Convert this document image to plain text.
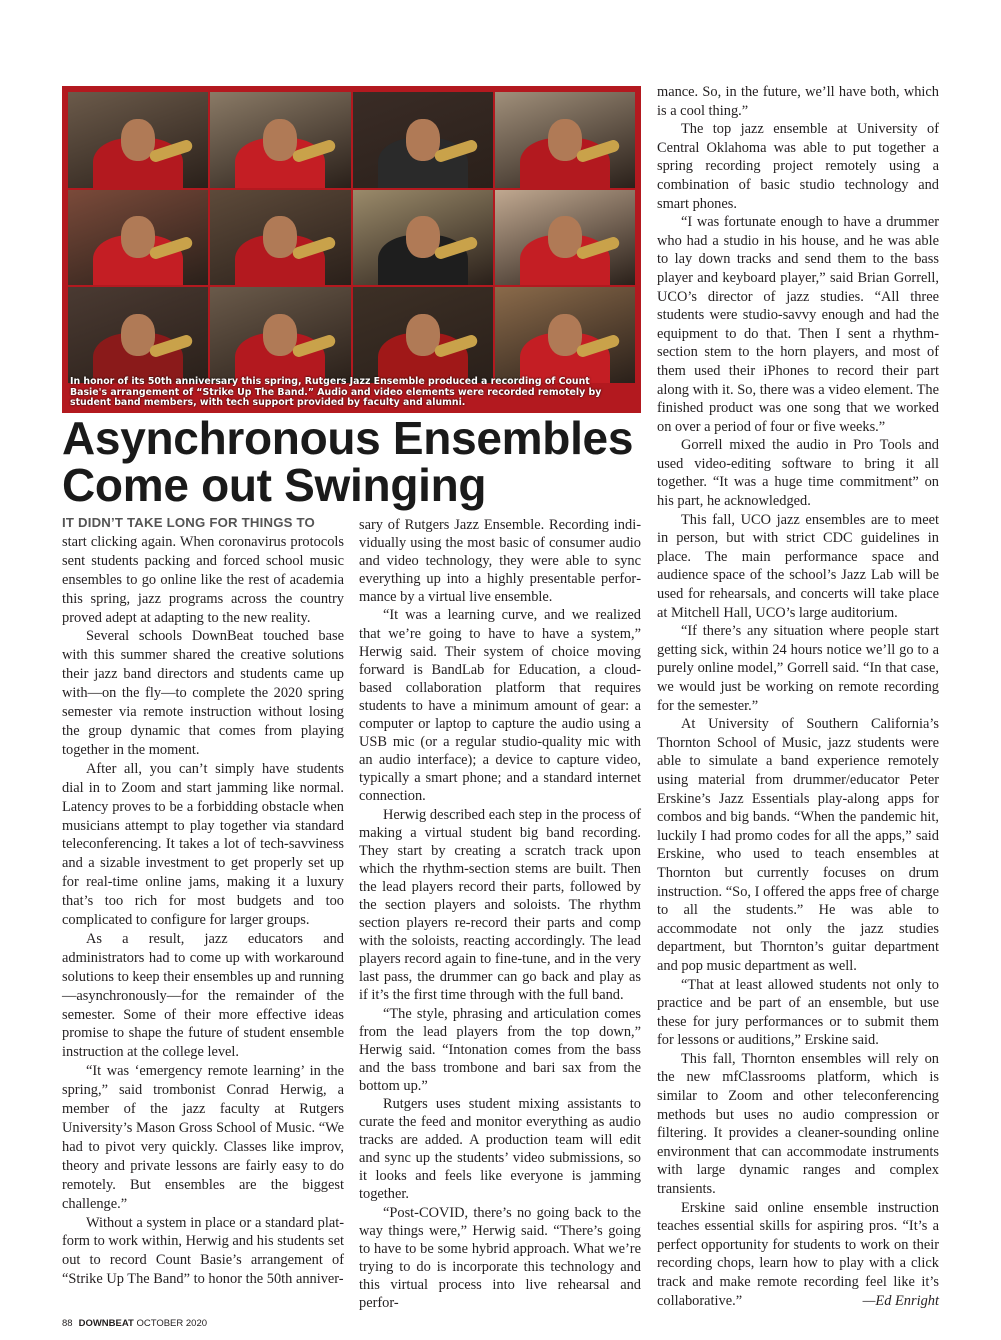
In honor of its 50th anniversary this spring, Rutgers Jazz Ensemble produced a recording of Count Basie's arrangement of “Strike Up The Band.” Audio and video elements were recorded remotely by student band members, with tech support provided by faculty and alumni.
Asynchronous Ensembles
Come out Swinging

IT DIDN’T TAKE LONG FOR THINGS TO
start clicking again. When coronavirus protocols sent students packing and forced school music ensembles to go online like the rest of academia this spring, jazz programs across the country proved adept at adapting to the new reality.

Several schools DownBeat touched base with this summer shared the creative solutions their jazz band directors and students came up with—on the fly—to complete the 2020 spring semester via remote instruction without losing the group dynamic that comes from playing together in the moment.

After all, you can’t simply have students dial in to Zoom and start jamming like normal. Latency proves to be a forbidding obstacle when musicians attempt to play together via standard teleconferencing. It takes a lot of tech-savviness and a sizable investment to get properly set up for real-time online jams, making it a luxury that’s too rich for most budgets and too complicated to configure for larger groups.

As a result, jazz educators and administrators had to come up with workaround solutions to keep their ensembles up and running—asynchronously—for the remainder of the semester. Some of their more effective ideas promise to shape the future of student ensemble instruction at the college level.

“It was ‘emergency remote learning’ in the spring,” said trombonist Conrad Herwig, a member of the jazz faculty at Rutgers University’s Mason Gross School of Music. “We had to pivot very quickly. Classes like improv, theory and private lessons are fairly easy to do remotely. But ensembles are the biggest challenge.”

Without a system in place or a standard platform to work within, Herwig and his students set out to record Count Basie’s arrangement of “Strike Up The Band” to honor the 50th anniver-

sary of Rutgers Jazz Ensemble. Recording individually using the most basic of consumer audio and video technology, they were able to sync everything up into a highly presentable performance by a virtual live ensemble.

“It was a learning curve, and we realized that we’re going to have to have a system,” Herwig said. Their system of choice moving forward is BandLab for Education, a cloud-based collaboration platform that requires students to have a minimum amount of gear: a computer or laptop to capture the audio using a USB mic (or a regular studio-quality mic with an audio interface); a device to capture video, typically a smart phone; and a standard internet connection.

Herwig described each step in the process of making a virtual student big band recording. They start by creating a scratch track upon which the rhythm-section stems are built. Then the lead players record their parts, followed by the section players and soloists. The rhythm section players re-record their parts and comp with the soloists, reacting accordingly. The lead players record again to fine-tune, and in the very last pass, the drummer can go back and play as if it’s the first time through with the full band.

“The style, phrasing and articulation comes from the lead players from the top down,” Herwig said. “Intonation comes from the bass and the bass trombone and bari sax from the bottom up.”

Rutgers uses student mixing assistants to curate the feed and monitor everything as audio tracks are added. A production team will edit and sync up the students’ video submissions, so it looks and feels like everyone is jamming together.

“Post-COVID, there’s no going back to the way things were,” Herwig said. “There’s going to have to be some hybrid approach. What we’re trying to do is incorporate this technology and this virtual process into live rehearsal and perfor-

mance. So, in the future, we’ll have both, which is a cool thing.”

The top jazz ensemble at University of Central Oklahoma was able to put together a spring recording project remotely using a combination of basic studio technology and smart phones.

“I was fortunate enough to have a drummer who had a studio in his house, and he was able to lay down tracks and send them to the bass player and keyboard player,” said Brian Gorrell, UCO’s director of jazz studies. “All three students were studio-savvy enough and had the equipment to do that. Then I sent a rhythm-section stem to the horn players, and most of them used their iPhones to record their part along with it. So, there was a video element. The finished product was one song that we worked on over a period of four or five weeks.”

Gorrell mixed the audio in Pro Tools and used video-editing software to bring it all together. “It was a huge time commitment” on his part, he acknowledged.

This fall, UCO jazz ensembles are to meet in person, but with strict CDC guidelines in place. The main performance space and audience space of the school’s Jazz Lab will be used for rehearsals, and concerts will take place at Mitchell Hall, UCO’s large auditorium.

“If there’s any situation where people start getting sick, within 24 hours notice we’ll go to a purely online model,” Gorrell said. “In that case, we would just be working on remote recording for the semester.”

At University of Southern California’s Thornton School of Music, jazz students were able to simulate a band experience remotely using material from drummer/educator Peter Erskine’s Jazz Essentials play-along apps for combos and big bands. “When the pandemic hit, luckily I had promo codes for all the apps,” said Erskine, who used to teach ensembles at Thornton but currently focuses on drum instruction. “So, I offered the apps free of charge to all the students.” He was able to accommodate not only the jazz studies department, but Thornton’s guitar department and pop music department as well.

“That at least allowed students not only to practice and be part of an ensemble, but use these for jury performances or to submit them for lessons or auditions,” Erskine said.

This fall, Thornton ensembles will rely on the new mfClassrooms platform, which is similar to Zoom and other teleconferencing methods but uses no audio compression or filtering. It provides a cleaner-sounding online environment that can accommodate instruments with large dynamic ranges and complex transients.

Erskine said online ensemble instruction teaches essential skills for aspiring pros. “It’s a perfect opportunity for students to work on their recording chops, learn how to play with a click track and make remote recording feel like it’s collaborative.”	—Ed Enright

88 DOWNBEAT OCTOBER 2020
